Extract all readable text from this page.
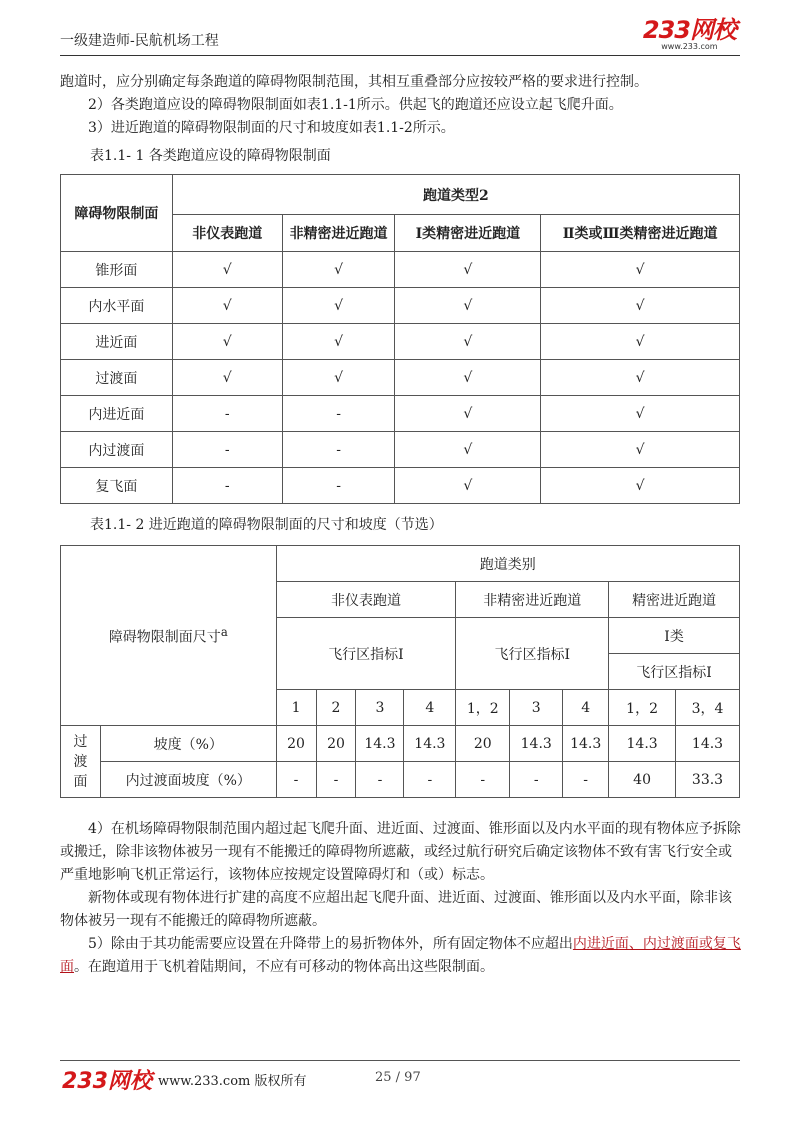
一级建造师-民航机场工程	233网校
www.233.com

跑道时，应分别确定每条跑道的障碍物限制范围，其相互重叠部分应按较严格的要求进行控制。

2）各类跑道应设的障碍物限制面如表1.1-1所示。供起飞的跑道还应设立起飞爬升面。

3）进近跑道的障碍物限制面的尺寸和坡度如表1.1-2所示。

表1.1- 1 各类跑道应设的障碍物限制面
障碍物限制面	跑道类型2			
	非仪表跑道	非精密进近跑道	Ⅰ类精密进近跑道	Ⅱ类或Ⅲ类精密进近跑道
锥形面	√	√	√	√
内水平面	√	√	√	√
进近面	√	√	√	√
过渡面	√	√	√	√
内进近面	-	-	√	√
内过渡面	-	-	√	√
复飞面	-	-	√	√
表1.1- 2 进近跑道的障碍物限制面的尺寸和坡度（节选）
障碍物限制面尺寸$^a$		跑道类别								
		非仪表跑道				非精密进近跑道			精密进近跑道	
		飞行区指标Ⅰ				飞行区指标Ⅰ			Ⅰ类	
									飞行区指标Ⅰ	
		1	2	3	4	1，2	3	4	1，2	3，4
过渡面	坡度（%）	20	20	14.3	14.3	20	14.3	14.3	14.3	14.3
	内过渡面坡度（%）	-	-	-	-	-	-	-	40	33.3

4）在机场障碍物限制范围内超过起飞爬升面、进近面、过渡面、锥形面以及内水平面的现有物体应予拆除或搬迁，除非该物体被另一现有不能搬迁的障碍物所遮蔽，或经过航行研究后确定该物体不致有害飞行安全或严重地影响飞机正常运行，该物体应按规定设置障碍灯和（或）标志。

新物体或现有物体进行扩建的高度不应超出起飞爬升面、进近面、过渡面、锥形面以及内水平面，除非该物体被另一现有不能搬迁的障碍物所遮蔽。

5）除由于其功能需要应设置在升降带上的易折物体外，所有固定物体不应超出内进近面、内过渡面或复飞面。在跑道用于飞机着陆期间，不应有可移动的物体高出这些限制面。

233网校 www.233.com 版权所有	25 / 97
